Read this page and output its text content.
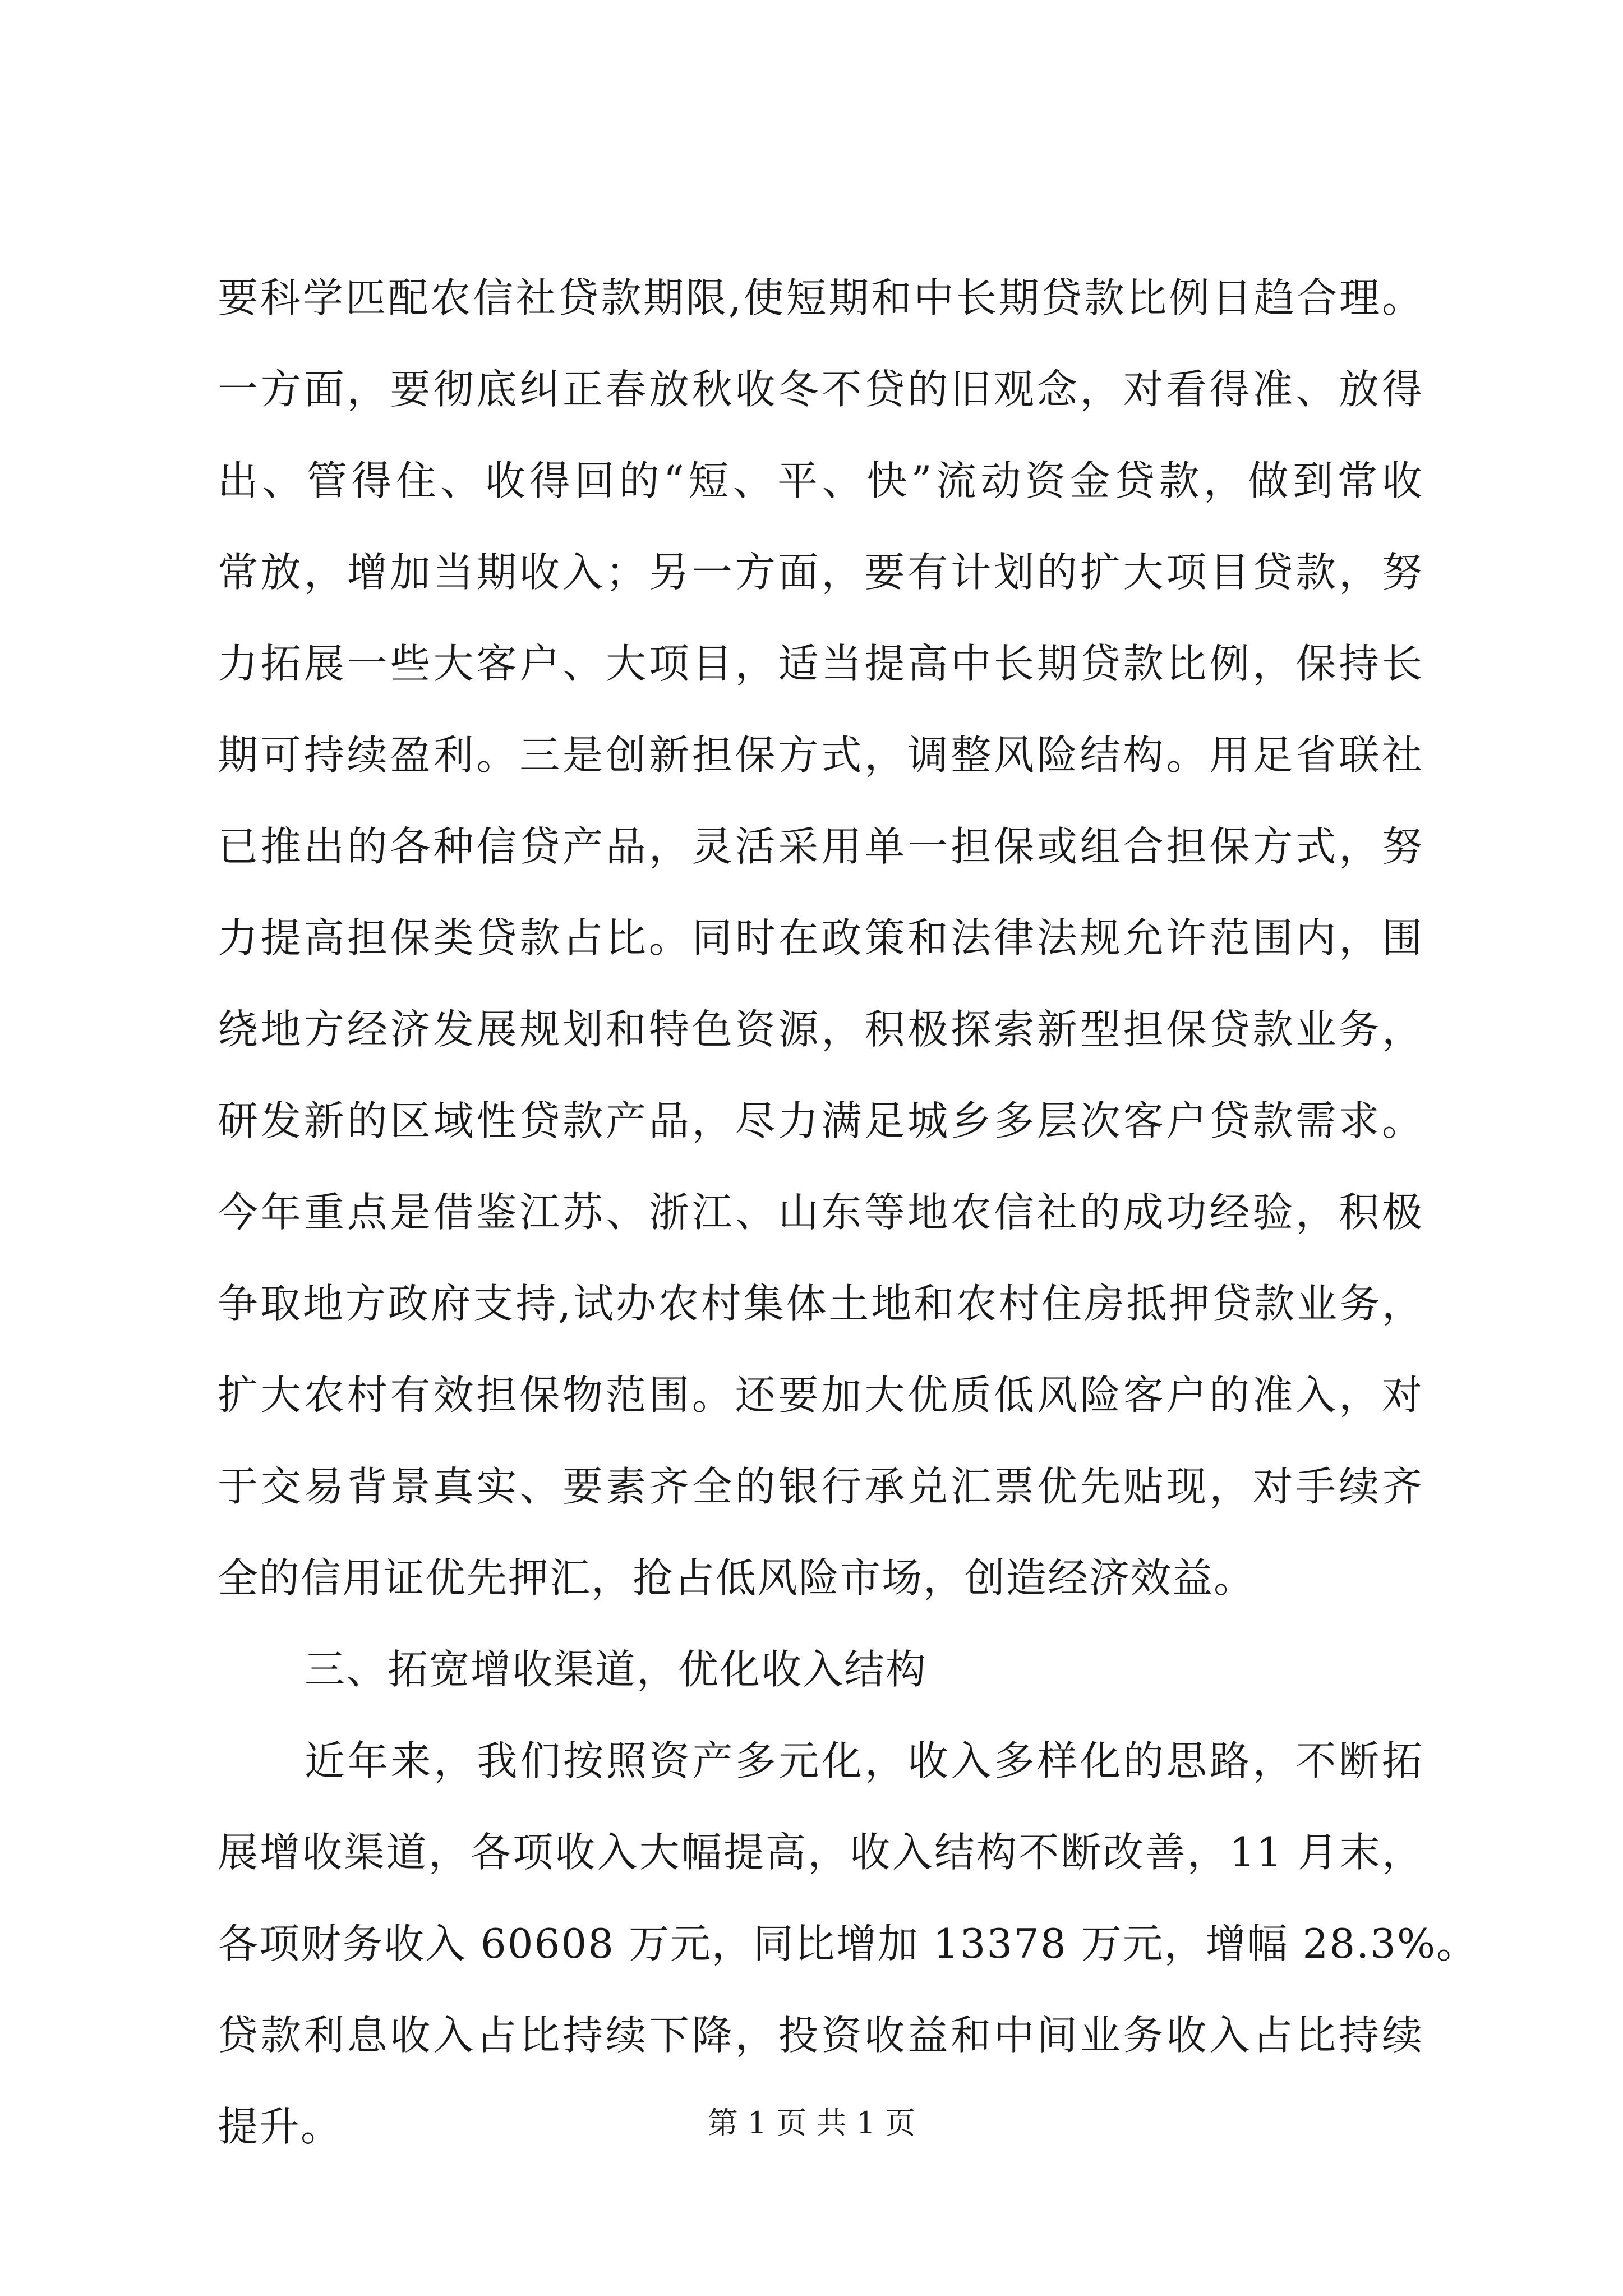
要科学匹配农信社贷款期限,使短期和中长期贷款比例日趋合理。
一方面，要彻底纠正春放秋收冬不贷的旧观念，对看得准、放得
出、管得住、收得回的“短、平、快”流动资金贷款，做到常收
常放，增加当期收入；另一方面，要有计划的扩大项目贷款，努
力拓展一些大客户、大项目，适当提高中长期贷款比例，保持长
期可持续盈利。三是创新担保方式，调整风险结构。用足省联社
已推出的各种信贷产品，灵活采用单一担保或组合担保方式，努
力提高担保类贷款占比。同时在政策和法律法规允许范围内，围
绕地方经济发展规划和特色资源，积极探索新型担保贷款业务，
研发新的区域性贷款产品，尽力满足城乡多层次客户贷款需求。
今年重点是借鉴江苏、浙江、山东等地农信社的成功经验，积极
争取地方政府支持,试办农村集体土地和农村住房抵押贷款业务，
扩大农村有效担保物范围。还要加大优质低风险客户的准入，对
于交易背景真实、要素齐全的银行承兑汇票优先贴现，对手续齐
全的信用证优先押汇，抢占低风险市场，创造经济效益。
三、拓宽增收渠道，优化收入结构
近年来，我们按照资产多元化，收入多样化的思路，不断拓
展增收渠道，各项收入大幅提高，收入结构不断改善，11 月末，
各项财务收入 60608 万元，同比增加 13378 万元，增幅 28.3%。
贷款利息收入占比持续下降，投资收益和中间业务收入占比持续
提升。	第 1 页 共 1 页
